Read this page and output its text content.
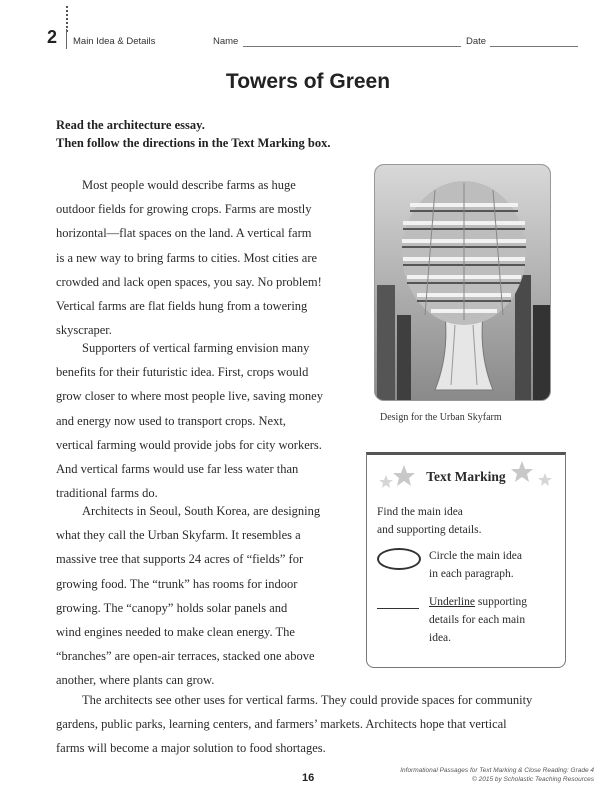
2 Main Idea & Details	Name	Date
Towers of Green
Read the architecture essay.
Then follow the directions in the Text Marking box.
Most people would describe farms as huge
outdoor fields for growing crops. Farms are mostly
horizontal—flat spaces on the land. A vertical farm
is a new way to bring farms to cities. Most cities are
crowded and lack open spaces, you say. No problem!
Vertical farms are flat fields hung from a towering
skyscraper.
Supporters of vertical farming envision many
benefits for their futuristic idea. First, crops would
grow closer to where most people live, saving money
and energy now used to transport crops. Next,
vertical farming would provide jobs for city workers.
And vertical farms would use far less water than
traditional farms do.
Architects in Seoul, South Korea, are designing
what they call the Urban Skyfarm. It resembles a
massive tree that supports 24 acres of “fields” for
growing food. The “trunk” has rooms for indoor
growing. The “canopy” holds solar panels and
wind engines needed to make clean energy. The
“branches” are open-air terraces, stacked one above
another, where plants can grow.
The architects see other uses for vertical farms. They could provide spaces for community
gardens, public parks, learning centers, and farmers’ markets. Architects hope that vertical
farms will become a major solution to food shortages.
Design for the Urban Skyfarm
Text Marking
Find the main idea
and supporting details.
Circle the main idea
in each paragraph.
Underline supporting
details for each main
idea.
16
Informational Passages for Text Marking & Close Reading: Grade 4
© 2015 by Scholastic Teaching Resources
